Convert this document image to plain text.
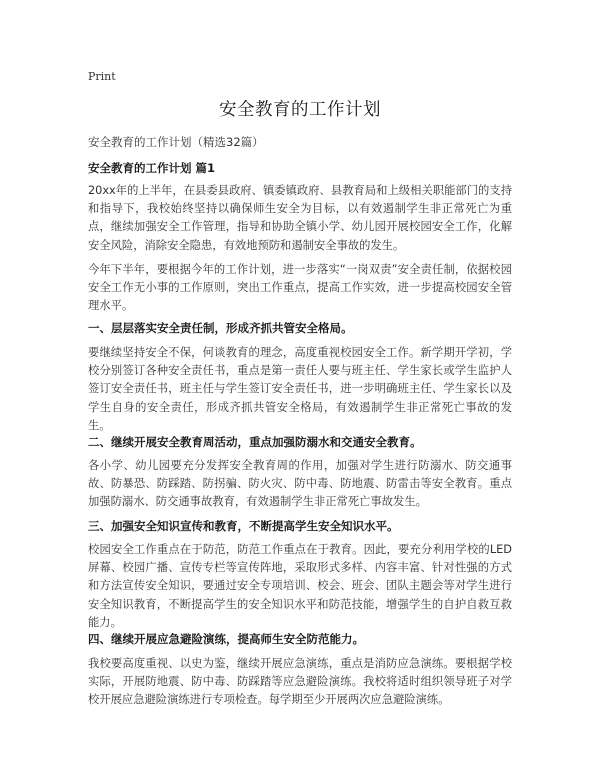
Print
安全教育的工作计划
安全教育的工作计划（精选32篇）
安全教育的工作计划 篇1

20xx年的上半年，在县委县政府、镇委镇政府、县教育局和上级相关职能部门的支持和指导下，我校始终坚持以确保师生安全为目标，以有效遏制学生非正常死亡为重点，继续加强安全工作管理，指导和协助全镇小学、幼儿园开展校园安全工作，化解安全风险，消除安全隐患，有效地预防和遏制安全事故的发生。

今年下半年，要根据今年的工作计划，进一步落实“一岗双责”安全责任制，依据校园安全工作无小事的工作原则，突出工作重点，提高工作实效，进一步提高校园安全管理水平。

一、层层落实安全责任制，形成齐抓共管安全格局。

要继续坚持安全不保，何谈教育的理念，高度重视校园安全工作。新学期开学初，学校分别签订各种安全责任书，重点是第一责任人要与班主任、学生家长或学生监护人签订安全责任书，班主任与学生签订安全责任书，进一步明确班主任、学生家长以及学生自身的安全责任，形成齐抓共管安全格局，有效遏制学生非正常死亡事故的发生。

二、继续开展安全教育周活动，重点加强防溺水和交通安全教育。

各小学、幼儿园要充分发挥安全教育周的作用，加强对学生进行防溺水、防交通事故、防暴恐、防踩踏、防拐骗、防火灾、防中毒、防地震、防雷击等安全教育。重点加强防溺水、防交通事故教育，有效遏制学生非正常死亡事故发生。

三、加强安全知识宣传和教育，不断提高学生安全知识水平。

校园安全工作重点在于防范，防范工作重点在于教育。因此，要充分利用学校的LED屏幕、校园广播、宣传专栏等宣传阵地，采取形式多样、内容丰富、针对性强的方式和方法宣传安全知识，要通过安全专项培训、校会、班会、团队主题会等对学生进行安全知识教育，不断提高学生的安全知识水平和防范技能，增强学生的自护自救互救能力。

四、继续开展应急避险演练，提高师生安全防范能力。

我校要高度重视、以史为鉴，继续开展应急演练，重点是消防应急演练。要根据学校实际，开展防地震、防中毒、防踩踏等应急避险演练。我校将适时组织领导班子对学校开展应急避险演练进行专项检查。每学期至少开展两次应急避险演练。
